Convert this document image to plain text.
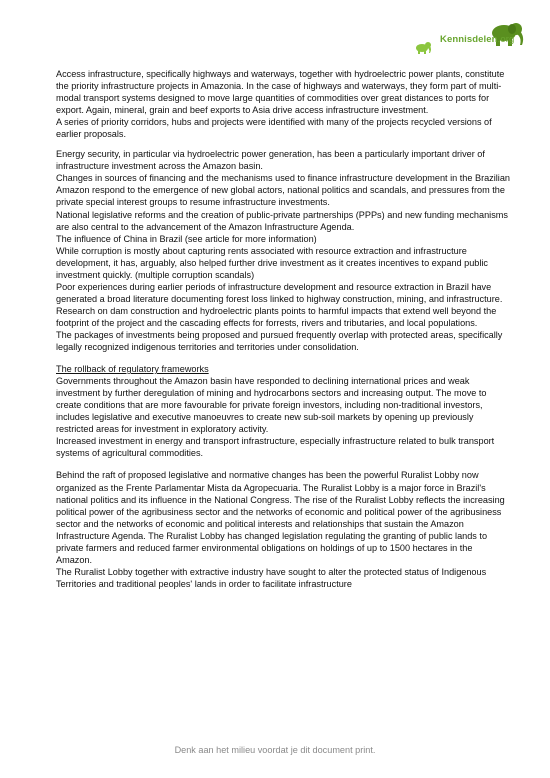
Kennisdelen.org

Access infrastructure, specifically highways and waterways, together with hydroelectric power plants, constitute the priority infrastructure projects in Amazonia. In the case of highways and waterways, they form part of multi-modal transport systems designed to move large quantities of commodities over great distances to ports for export. Again, mineral, grain and beef exports to Asia drive access infrastructure investment.

A series of priority corridors, hubs and projects were identified with many of the projects recycled versions of earlier proposals.

Energy security, in particular via hydroelectric power generation, has been a particularly important driver of infrastructure investment across the Amazon basin.

Changes in sources of financing and the mechanisms used to finance infrastructure development in the Brazilian Amazon respond to the emergence of new global actors, national politics and scandals, and pressures from the private special interest groups to resume infrastructure investments.

National legislative reforms and the creation of public-private partnerships (PPPs) and new funding mechanisms are also central to the advancement of the Amazon Infrastructure Agenda.

The influence of China in Brazil (see article for more information)

While corruption is mostly about capturing rents associated with resource extraction and infrastructure development, it has, arguably, also helped further drive investment as it creates incentives to expand public investment quickly. (multiple corruption scandals)

Poor experiences during earlier periods of infrastructure development and resource extraction in Brazil have generated a broad literature documenting forest loss linked to highway construction, mining, and infrastructure. Research on dam construction and hydroelectric plants points to harmful impacts that extend well beyond the footprint of the project and the cascading effects for forrests, rivers and tributaries, and local populations.

The packages of investments being proposed and pursued frequently overlap with protected areas, specifically legally recognized indigenous territories and territories under consolidation.

The rollback of regulatory frameworks

Governments throughout the Amazon basin have responded to declining international prices and weak investment by further deregulation of mining and hydrocarbons sectors and increasing output. The move to create conditions that are more favourable for private foreign investors, including non-traditional investors, includes legislative and executive manoeuvres to create new sub-soil markets by opening up previously restricted areas for investment in exploratory activity.

Increased investment in energy and transport infrastructure, especially infrastructure related to bulk transport systems of agricultural commodities.

Behind the raft of proposed legislative and normative changes has been the powerful Ruralist Lobby now organized as the Frente Parlamentar Mista da Agropecuaria. The Ruralist Lobby is a major force in Brazil's national politics and its influence in the National Congress. The rise of the Ruralist Lobby reflects the increasing political power of the agribusiness sector and the networks of economic and political power of the agribusiness sector and the networks of economic and political interests and relationships that sustain the Amazon Infrastructure Agenda. The Ruralist Lobby has changed legislation regulating the granting of public lands to private farmers and reduced farmer environmental obligations on holdings of up to 1500 hectares in the Amazon.

The Ruralist Lobby together with extractive industry have sought to alter the protected status of Indigenous Territories and traditional peoples' lands in order to facilitate infrastructure

Denk aan het milieu voordat je dit document print.
